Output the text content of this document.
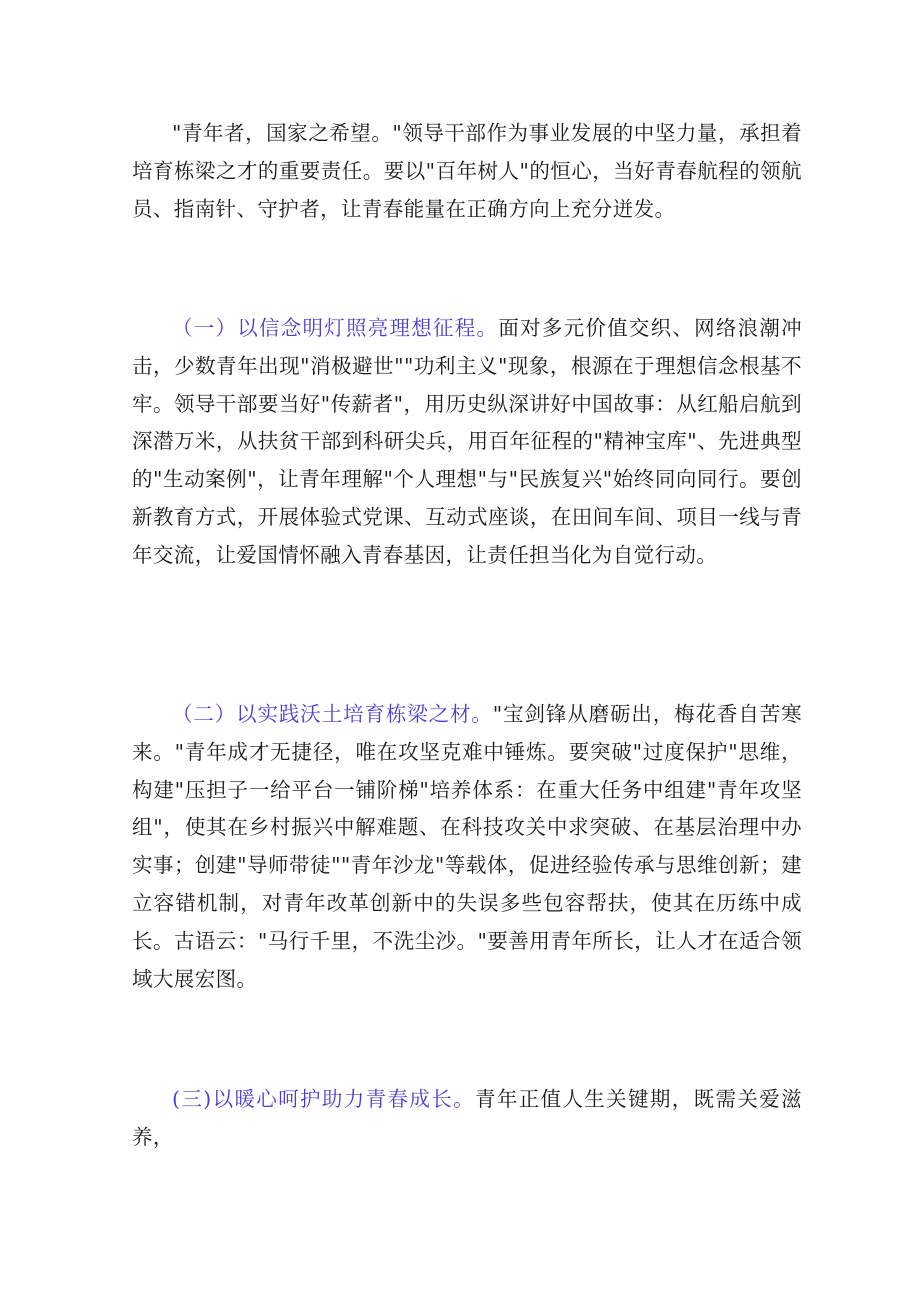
"青年者，国家之希望。"领导干部作为事业发展的中坚力量，承担着培育栋梁之才的重要责任。要以"百年树人"的恒心，当好青春航程的领航员、指南针、守护者，让青春能量在正确方向上充分迸发。

（一）以信念明灯照亮理想征程。面对多元价值交织、网络浪潮冲击，少数青年出现"消极避世""功利主义"现象，根源在于理想信念根基不牢。领导干部要当好"传薪者"，用历史纵深讲好中国故事：从红船启航到深潜万米，从扶贫干部到科研尖兵，用百年征程的"精神宝库"、先进典型的"生动案例"，让青年理解"个人理想"与"民族复兴"始终同向同行。要创新教育方式，开展体验式党课、互动式座谈，在田间车间、项目一线与青年交流，让爱国情怀融入青春基因，让责任担当化为自觉行动。

（二）以实践沃土培育栋梁之材。"宝剑锋从磨砺出，梅花香自苦寒来。"青年成才无捷径，唯在攻坚克难中锤炼。要突破"过度保护"思维，构建"压担子一给平台一铺阶梯"培养体系：在重大任务中组建"青年攻坚组"，使其在乡村振兴中解难题、在科技攻关中求突破、在基层治理中办实事；创建"导师带徒""青年沙龙"等载体，促进经验传承与思维创新；建立容错机制，对青年改革创新中的失误多些包容帮扶，使其在历练中成长。古语云："马行千里，不洗尘沙。"要善用青年所长，让人才在适合领域大展宏图。

(三)以暖心呵护助力青春成长。青年正值人生关键期，既需关爱滋养，
